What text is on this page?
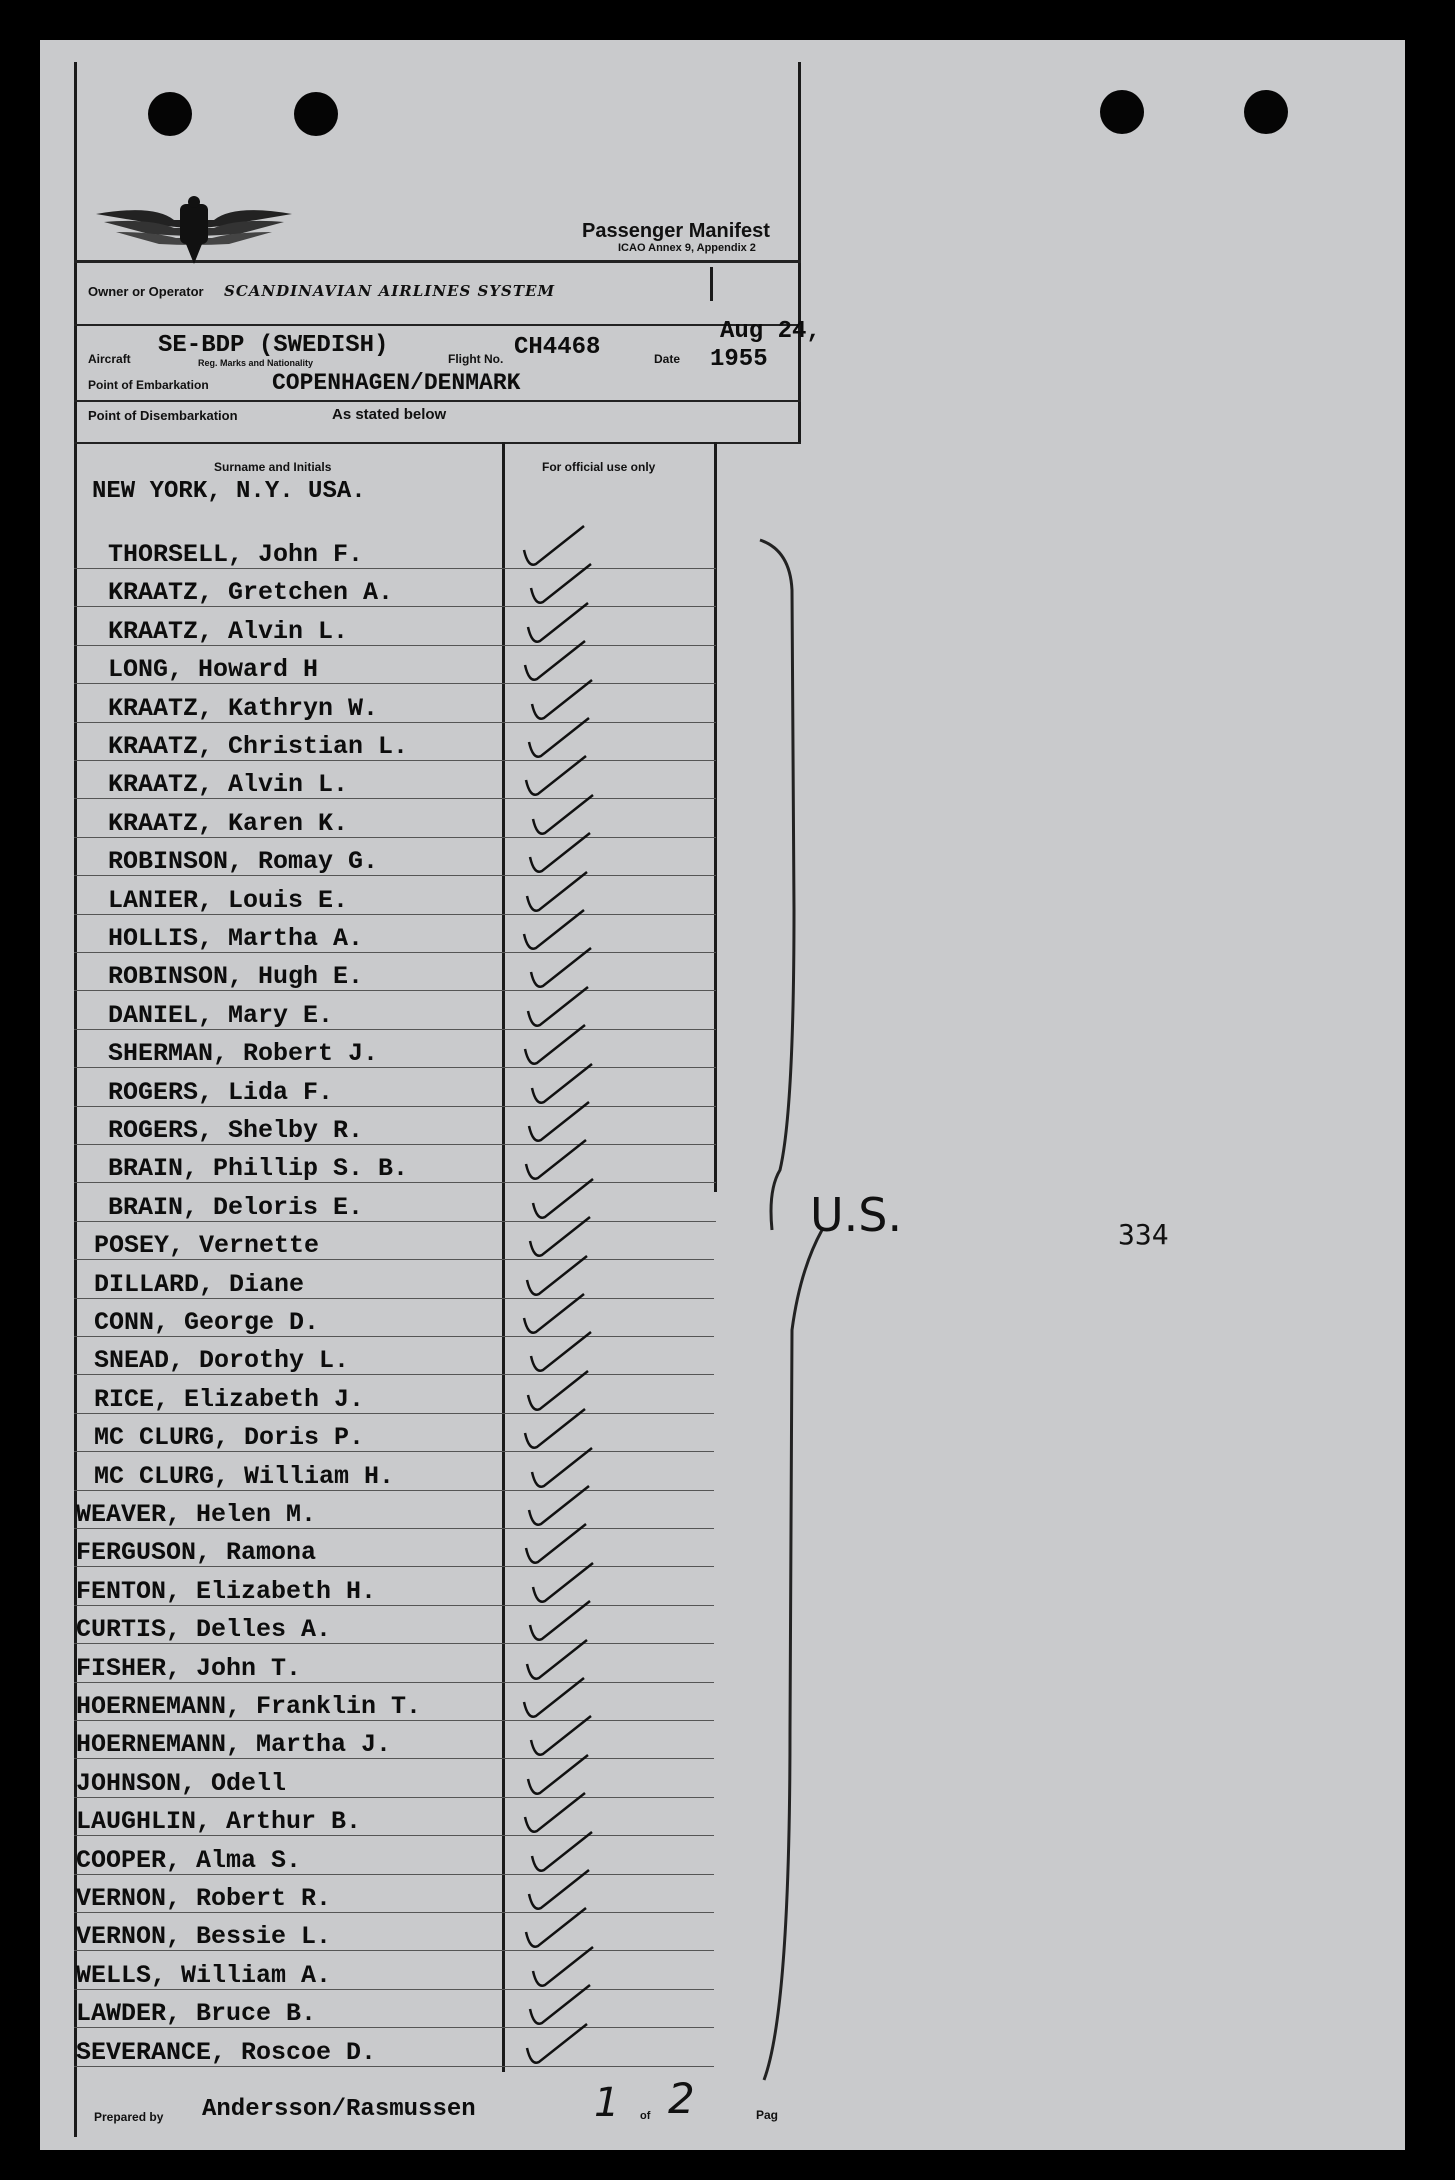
Passenger Manifest
ICAO Annex 9, Appendix 2
Owner or Operator SCANDINAVIAN AIRLINES SYSTEM
Aircraft SE-BDP (SWEDISH)
Reg. Marks and Nationality	Flight No. CH4468	Date
Aug 24,
1955
Point of Embarkation	COPENHAGEN/DENMARK
Point of Disembarkation	As stated below
Surname and Initials	For official use only
NEW YORK, N.Y. USA.
THORSELL, John F.
KRAATZ, Gretchen A.
KRAATZ, Alvin L.
LONG, Howard H
KRAATZ, Kathryn W.
KRAATZ, Christian L.
KRAATZ, Alvin L.
KRAATZ, Karen K.
ROBINSON, Romay G.
LANIER, Louis E.
HOLLIS, Martha A.
ROBINSON, Hugh E.
DANIEL, Mary E.
SHERMAN, Robert J.
ROGERS, Lida F.
ROGERS, Shelby R.
BRAIN, Phillip S. B.
BRAIN, Deloris E.
POSEY, Vernette
DILLARD, Diane
CONN, George D.
SNEAD, Dorothy L.
RICE, Elizabeth J.
MC CLURG, Doris P.
MC CLURG, William H.
WEAVER, Helen M.
FERGUSON, Ramona
FENTON, Elizabeth H.
CURTIS, Delles A.
FISHER, John T.
HOERNEMANN, Franklin T.
HOERNEMANN, Martha J.
JOHNSON, Odell
LAUGHLIN, Arthur B.
COOPER, Alma S.
VERNON, Robert R.
VERNON, Bessie L.
WELLS, William A.
LAWDER, Bruce B.
SEVERANCE, Roscoe D.
Prepared by Andersson/Rasmussen	1 of 2	Pag
U.S.	334
